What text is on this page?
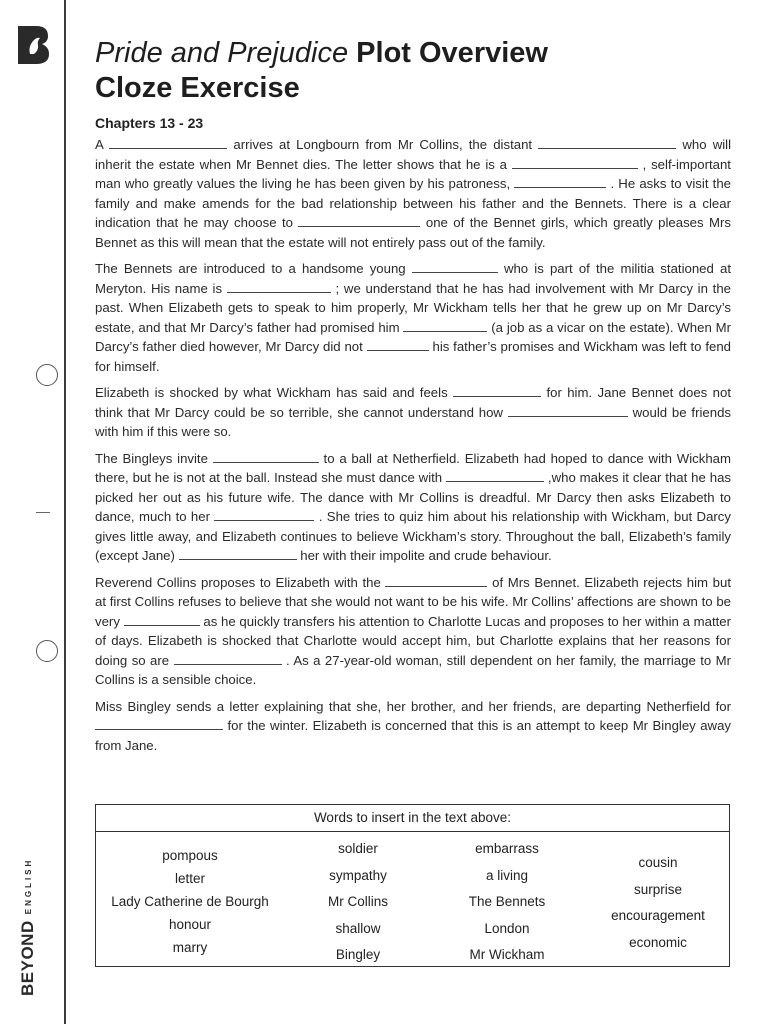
$BEYOND^{ENGLISH}$
Pride and Prejudice Plot Overview
Cloze Exercise
Chapters 13 - 23

A	arrives at Longbourn from Mr Collins, the distant	who will inherit the estate when Mr Bennet dies. The letter shows that he is a	, self-important man who greatly values the living he has been given by his patroness,	. He asks to visit the family and make amends for the bad relationship between his father and the Bennets. There is a clear indication that he may choose to	one of the Bennet girls, which greatly pleases Mrs Bennet as this will mean that the estate will not entirely pass out of the family.

The Bennets are introduced to a handsome young	who is part of the militia stationed at Meryton. His name is	; we understand that he has had involvement with Mr Darcy in the past. When Elizabeth gets to speak to him properly, Mr Wickham tells her that he grew up on Mr Darcy’s estate, and that Mr Darcy’s father had promised him	(a job as a vicar on the estate). When Mr Darcy’s father died however, Mr Darcy did not	his father’s promises and Wickham was left to fend for himself.

Elizabeth is shocked by what Wickham has said and feels	for him. Jane Bennet does not think that Mr Darcy could be so terrible, she cannot understand how	would be friends with him if this were so.

The Bingleys invite	to a ball at Netherfield. Elizabeth had hoped to dance with Wickham there, but he is not at the ball. Instead she must dance with	,who makes it clear that he has picked her out as his future wife. The dance with Mr Collins is dreadful. Mr Darcy then asks Elizabeth to dance, much to her	. She tries to quiz him about his relationship with Wickham, but Darcy gives little away, and Elizabeth continues to believe Wickham’s story. Throughout the ball, Elizabeth’s family (except Jane)	her with their impolite and crude behaviour.

Reverend Collins proposes to Elizabeth with the	of Mrs Bennet. Elizabeth rejects him but at first Collins refuses to believe that she would not want to be his wife. Mr Collins’ affections are shown to be very	as he quickly transfers his attention to Charlotte Lucas and proposes to her within a matter of days. Elizabeth is shocked that Charlotte would accept him, but Charlotte explains that her reasons for doing so are	. As a 27-year-old woman, still dependent on her family, the marriage to Mr Collins is a sensible choice.

Miss Bingley sends a letter explaining that she, her brother, and her friends, are departing Netherfield for  for the winter. Elizabeth is concerned that this is an attempt to keep Mr Bingley away from Jane.

Words to insert in the text above:
pompous
letter
Lady Catherine de Bourgh
honour
marry
soldier
sympathy
Mr Collins
shallow
Bingley
embarrass
a living
The Bennets
London
Mr Wickham
cousin
surprise
encouragement
economic
